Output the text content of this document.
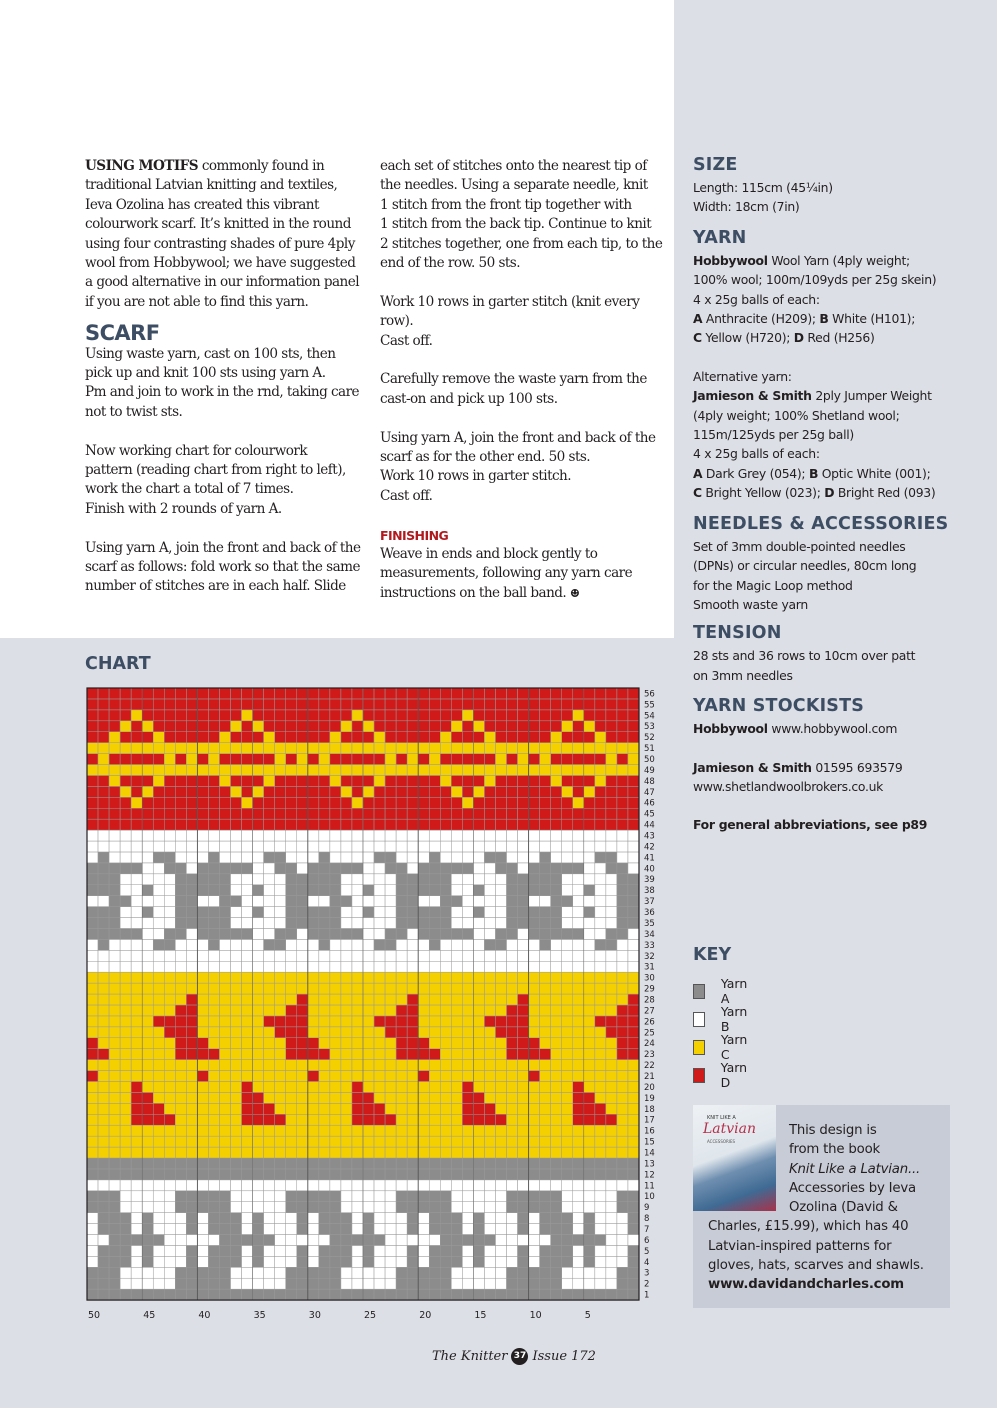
USING MOTIFS commonly found in
traditional Latvian knitting and textiles,
Ieva Ozolina has created this vibrant
colourwork scarf. It’s knitted in the round
using four contrasting shades of pure 4ply
wool from Hobbywool; we have suggested
a good alternative in our information panel
if you are not able to find this yarn.

SCARF

Using waste yarn, cast on 100 sts, then
pick up and knit 100 sts using yarn A.
Pm and join to work in the rnd, taking care
not to twist sts.

Now working chart for colourwork
pattern (reading chart from right to left),
work the chart a total of 7 times.
Finish with 2 rounds of yarn A.

Using yarn A, join the front and back of the
scarf as follows: fold work so that the same
number of stitches are in each half. Slide

each set of stitches onto the nearest tip of
the needles. Using a separate needle, knit
1 stitch from the front tip together with
1 stitch from the back tip. Continue to knit
2 stitches together, one from each tip, to the
end of the row. 50 sts.

Work 10 rows in garter stitch (knit every
row).
Cast off.

Carefully remove the waste yarn from the
cast-on and pick up 100 sts.

Using yarn A, join the front and back of the
scarf as for the other end. 50 sts.
Work 10 rows in garter stitch.
Cast off.

FINISHING

Weave in ends and block gently to
measurements, following any yarn care
instructions on the ball band. ☻

SIZE
Length: 115cm (45¼in)
Width: 18cm (7in)
YARN
Hobbywool Wool Yarn (4ply weight;
100% wool; 100m/109yds per 25g skein)
4 x 25g balls of each:
A Anthracite (H209); B White (H101);
C Yellow (H720); D Red (H256)
Alternative yarn:
Jamieson & Smith 2ply Jumper Weight
(4ply weight; 100% Shetland wool;
115m/125yds per 25g ball)
4 x 25g balls of each:
A Dark Grey (054); B Optic White (001);
C Bright Yellow (023); D Bright Red (093)
NEEDLES & ACCESSORIES
Set of 3mm double-pointed needles
(DPNs) or circular needles, 80cm long
for the Magic Loop method
Smooth waste yarn
TENSION
28 sts and 36 rows to 10cm over patt
on 3mm needles
YARN STOCKISTS
Hobbywool www.hobbywool.com
Jamieson & Smith 01595 693579
www.shetlandwoolbrokers.co.uk
For general abbreviations, see p89
CHART
1
2
3
4
5
6
7
8
9
10
11
12
13
14
15
16
17
18
19
20
21
22
23
24
25
26
27
28
29
30
31
32
33
34
35
36
37
38
39
40
41
42
43
44
45
46
47
48
49
50
51
52
53
54
55
56
50	45	40	35	30	25	20	15	10	5
KEY
Yarn A
Yarn B
Yarn C
Yarn D
KNIT LIKE A
Latvian
ACCESSORIES
This design is
from the book
Knit Like a Latvian...
Accessories by Ieva
Ozolina (David &
Charles, £15.99), which has 40
Latvian-inspired patterns for
gloves, hats, scarves and shawls.
www.davidandcharles.com
The Knitter 37 Issue 172
